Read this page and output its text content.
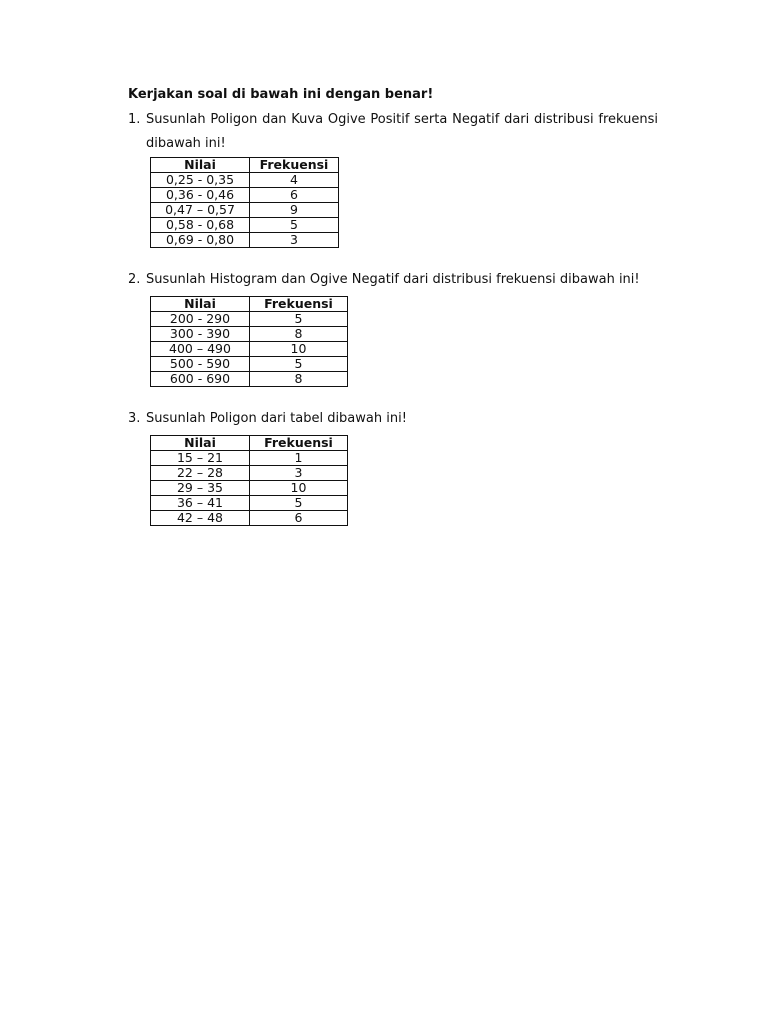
Kerjakan soal di bawah ini dengan benar!
1. Susunlah Poligon dan Kuva Ogive Positif serta Negatif dari distribusi frekuensi dibawah ini!
Nilai	Frekuensi
0,25 - 0,35	4
0,36 - 0,46	6
0,47 – 0,57	9
0,58 - 0,68	5
0,69 - 0,80	3
2. Susunlah Histogram dan Ogive Negatif dari distribusi frekuensi dibawah ini!
Nilai	Frekuensi
200 - 290	5
300 - 390	8
400 – 490	10
500 - 590	5
600 - 690	8
3. Susunlah Poligon dari tabel dibawah ini!
Nilai	Frekuensi
15 – 21	1
22 – 28	3
29 – 35	10
36 – 41	5
42 – 48	6
